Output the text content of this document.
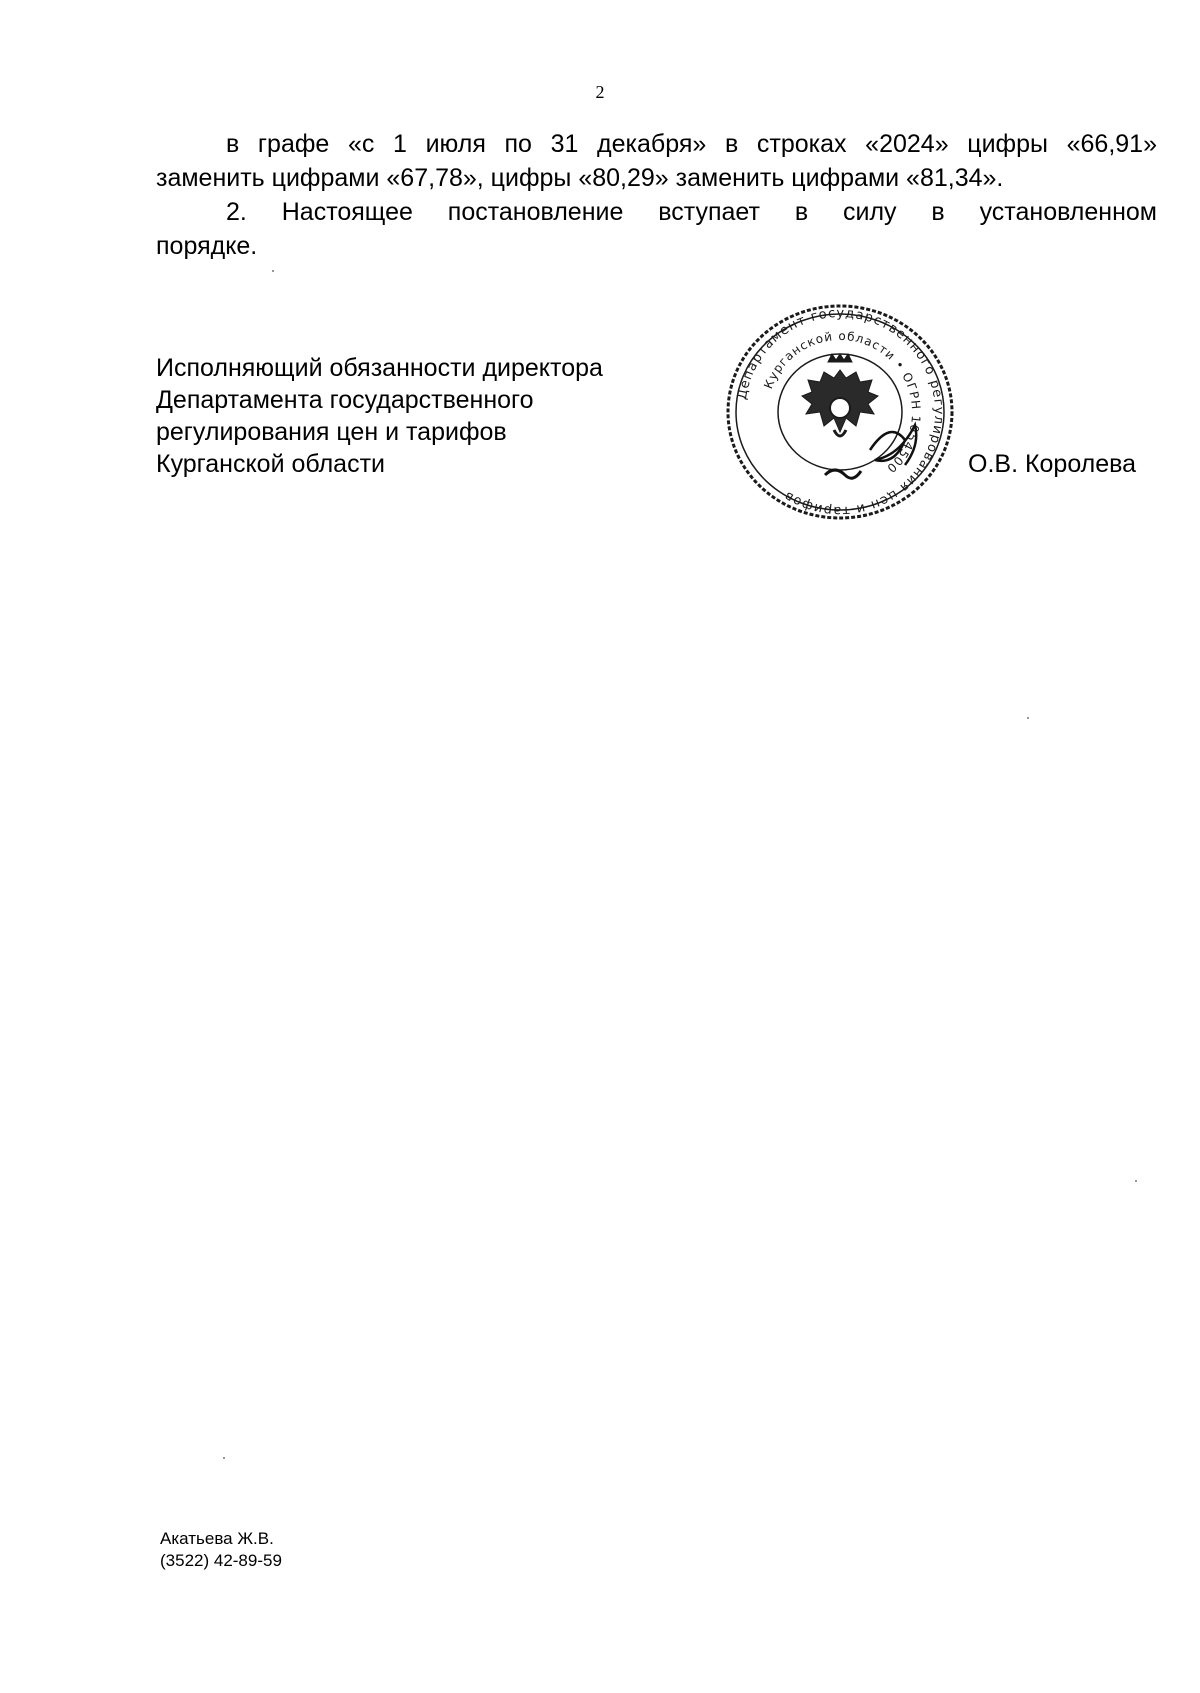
2

в графе «с 1 июля по 31 декабря» в строках «2024» цифры «66,91»
заменить цифрами «67,78», цифры «80,29» заменить цифрами «81,34».

2. Настоящее постановление вступает в силу в установленном
порядке.

Исполняющий обязанности директора
Департамента государственного
регулирования цен и тарифов
Курганской области
Департамент государственного регулирования цен и тарифов
Курганской области • ОГРН 1054500	О.В. Королева
Акатьева Ж.В.
(3522) 42-89-59
